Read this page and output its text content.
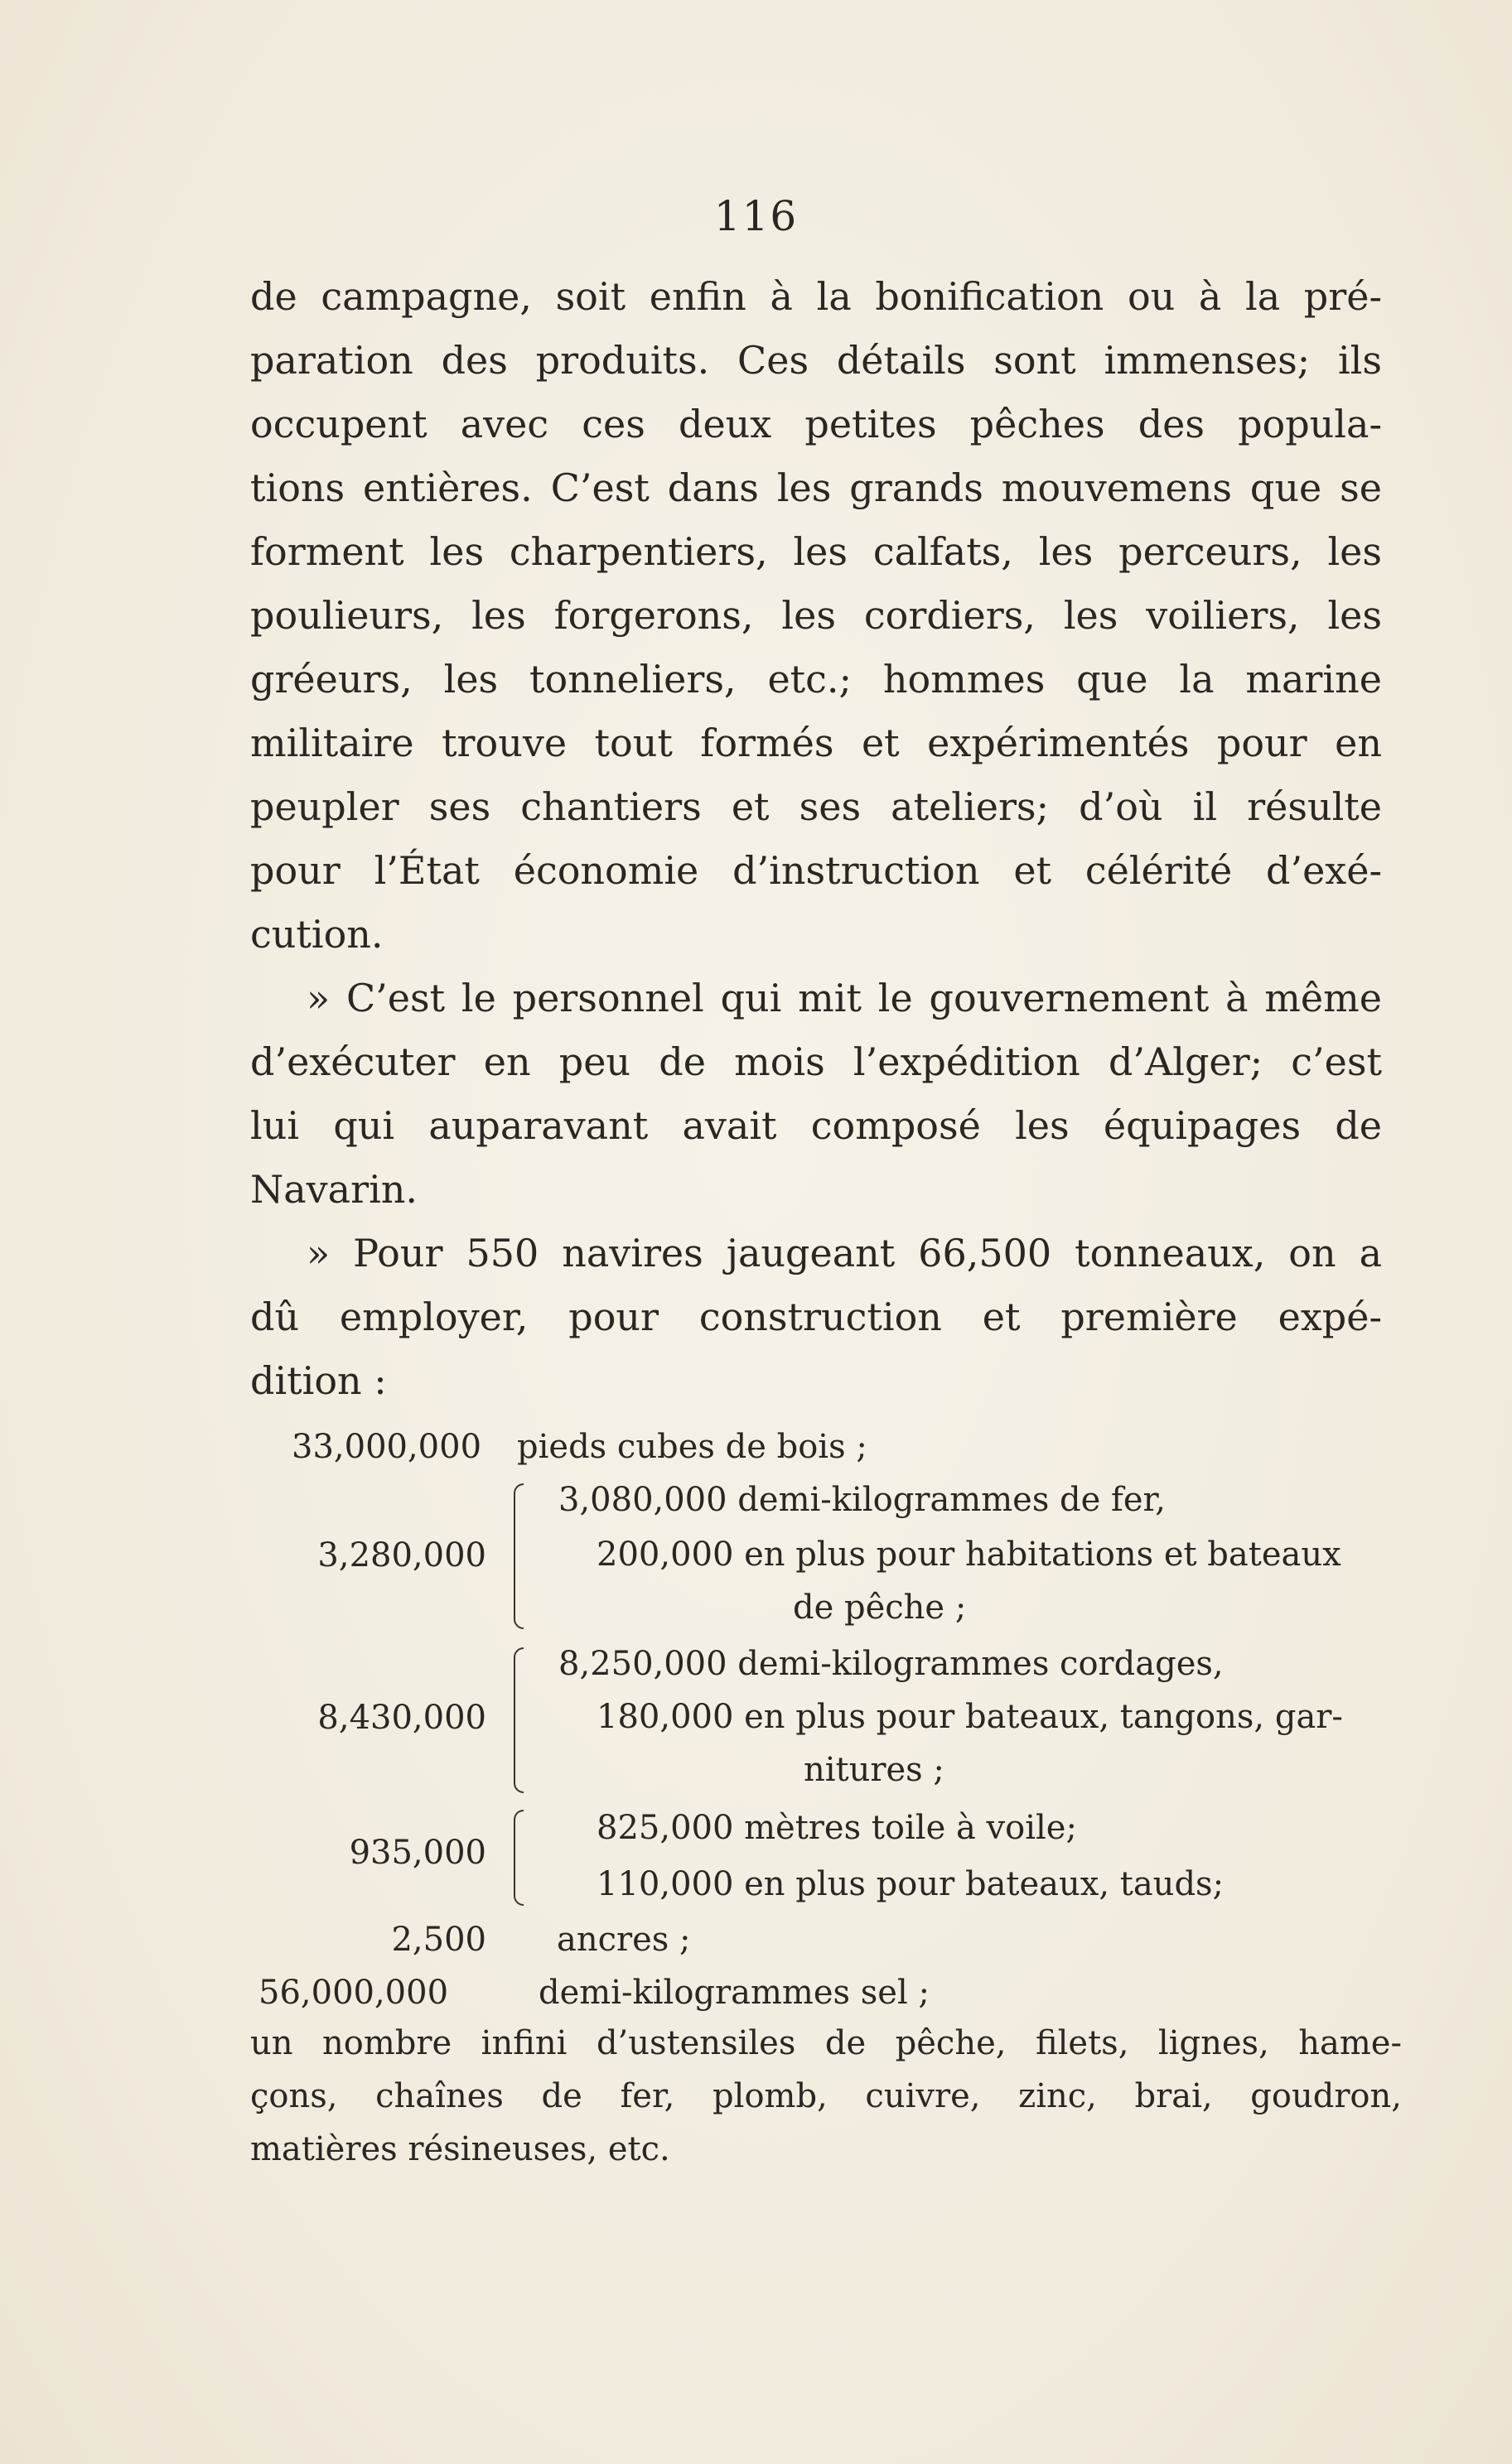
116
de campagne, soit enfin à la bonification ou à la pré-
paration des produits. Ces détails sont immenses; ils
occupent avec ces deux petites pêches des popula-
tions entières. C’est dans les grands mouvemens que se
forment les charpentiers, les calfats, les perceurs, les
poulieurs, les forgerons, les cordiers, les voiliers, les
gréeurs, les tonneliers, etc.; hommes que la marine
militaire trouve tout formés et expérimentés pour en
peupler ses chantiers et ses ateliers; d’où il résulte
pour l’État économie d’instruction et célérité d’exé-
cution.
» C’est le personnel qui mit le gouvernement à même
d’exécuter en peu de mois l’expédition d’Alger; c’est
lui qui auparavant avait composé les équipages de
Navarin.
» Pour 550 navires jaugeant 66,500 tonneaux, on a
dû employer, pour construction et première expé-
dition :
33,000,000	pieds cubes de bois ;
3,280,000
3,080,000 demi-kilogrammes de fer,
200,000 en plus pour habitations et bateaux
de pêche ;
8,430,000
8,250,000 demi-kilogrammes cordages,
180,000 en plus pour bateaux, tangons, gar-
nitures ;
935,000
825,000 mètres toile à voile;
110,000 en plus pour bateaux, tauds;
2,500 ancres ;
56,000,000	demi-kilogrammes sel ;
un nombre infini d’ustensiles de pêche, filets, lignes, hame-
çons, chaînes de fer, plomb, cuivre, zinc, brai, goudron,
matières résineuses, etc.
